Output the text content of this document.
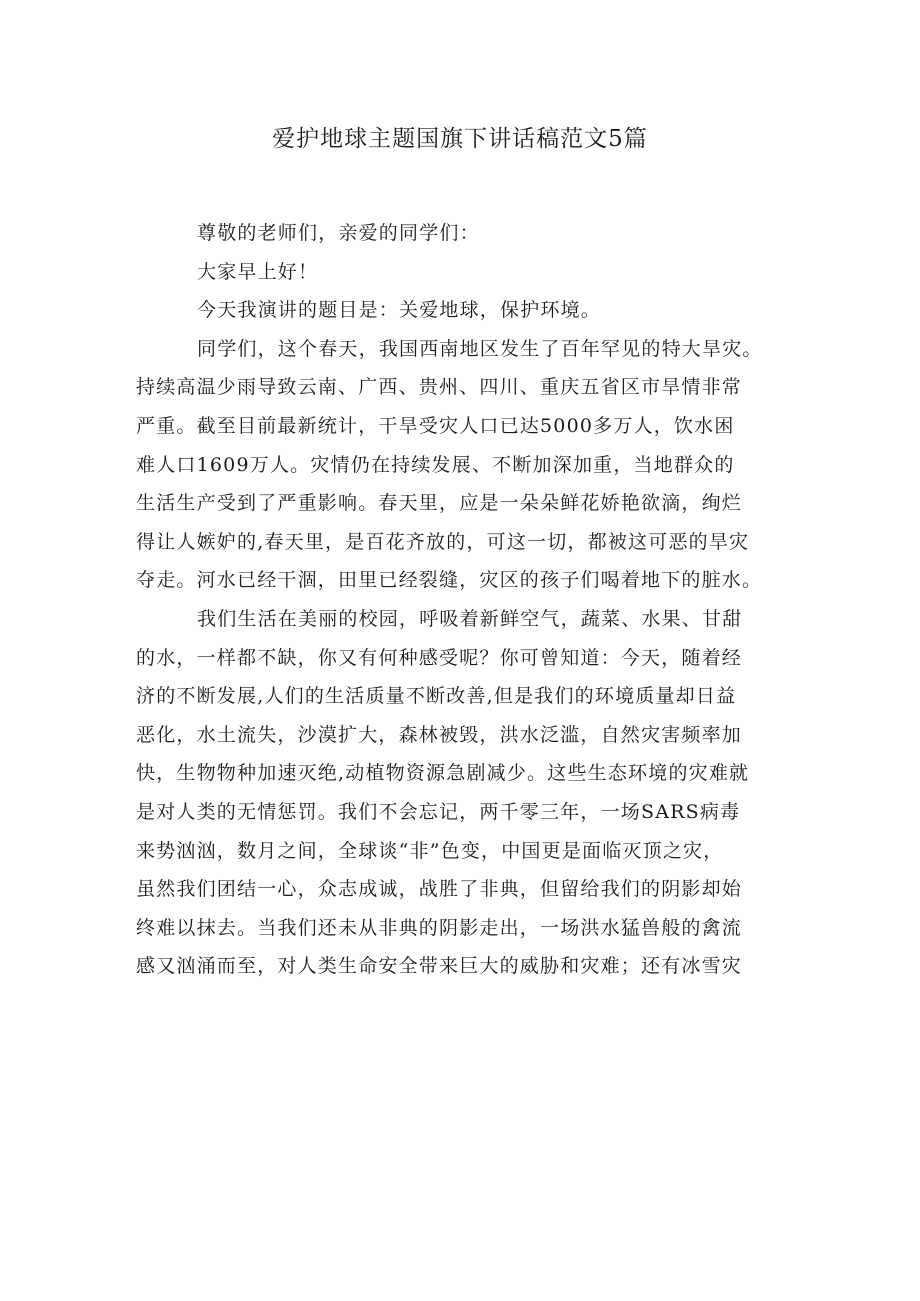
爱护地球主题国旗下讲话稿范文5篇
尊敬的老师们，亲爱的同学们：
大家早上好！
今天我演讲的题目是：关爱地球，保护环境。
同学们，这个春天，我国西南地区发生了百年罕见的特大旱灾。
持续高温少雨导致云南、广西、贵州、四川、重庆五省区市旱情非常
严重。截至目前最新统计，干旱受灾人口已达5000多万人，饮水困
难人口1609万人。灾情仍在持续发展、不断加深加重，当地群众的
生活生产受到了严重影响。春天里，应是一朵朵鲜花娇艳欲滴，绚烂
得让人嫉妒的,春天里，是百花齐放的，可这一切，都被这可恶的旱灾
夺走。河水已经干涸，田里已经裂缝，灾区的孩子们喝着地下的脏水。
我们生活在美丽的校园，呼吸着新鲜空气，蔬菜、水果、甘甜
的水，一样都不缺，你又有何种感受呢？你可曾知道：今天，随着经
济的不断发展,人们的生活质量不断改善,但是我们的环境质量却日益
恶化，水土流失，沙漠扩大，森林被毁，洪水泛滥，自然灾害频率加
快，生物物种加速灭绝,动植物资源急剧减少。这些生态环境的灾难就
是对人类的无情惩罚。我们不会忘记，两千零三年，一场SARS病毒
来势汹汹，数月之间，全球谈“非”色变，中国更是面临灭顶之灾，
虽然我们团结一心，众志成诚，战胜了非典，但留给我们的阴影却始
终难以抹去。当我们还未从非典的阴影走出，一场洪水猛兽般的禽流
感又汹涌而至，对人类生命安全带来巨大的威胁和灾难；还有冰雪灾
